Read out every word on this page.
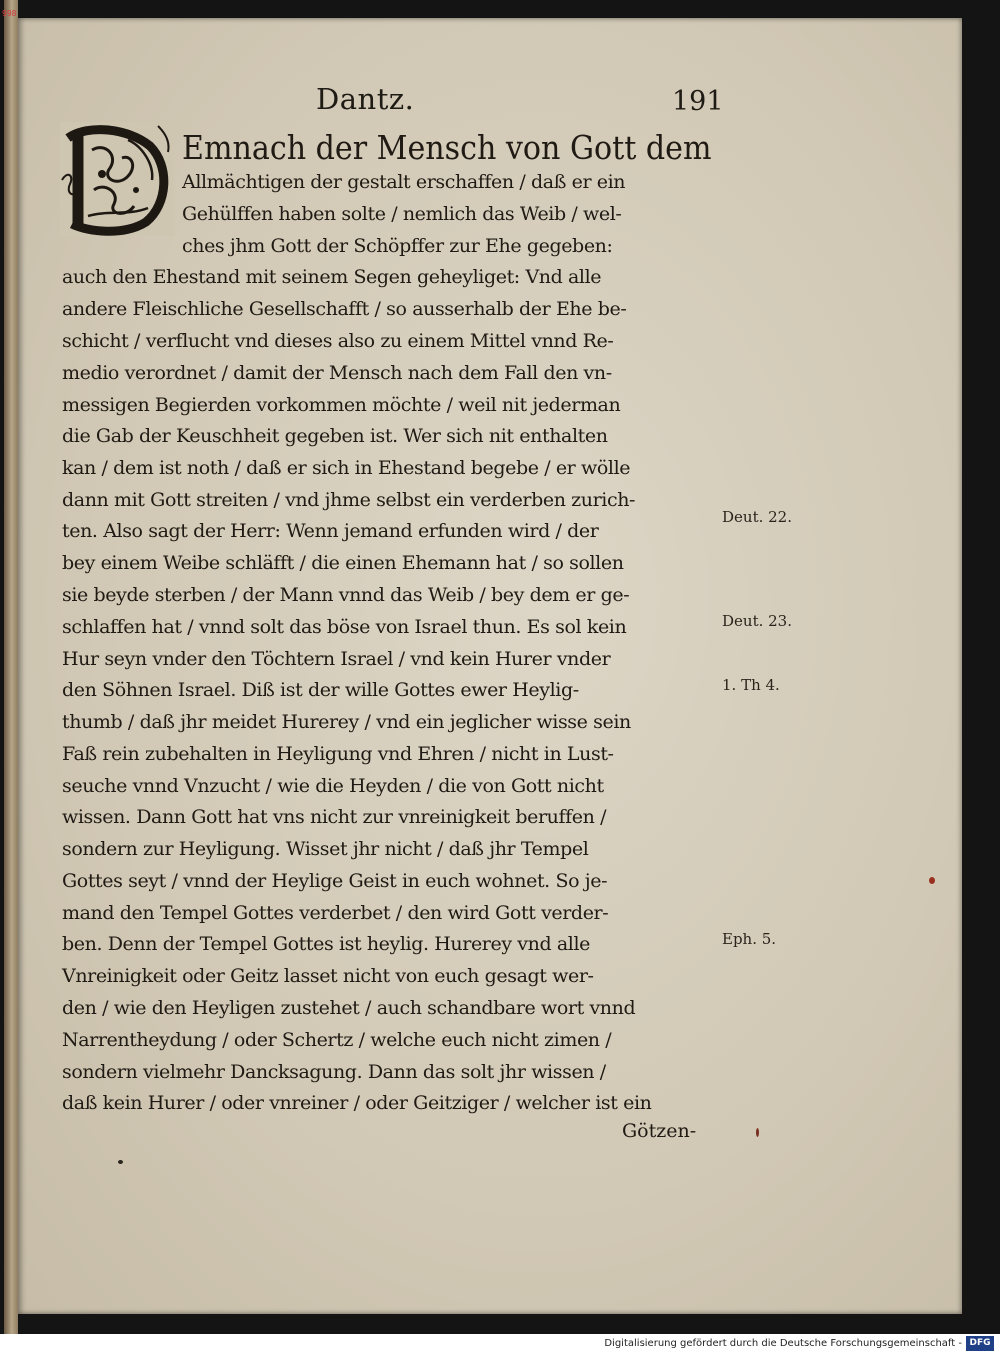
998
Dantz.	191
Emnach der Mensch von Gott dem
Allmächtigen der gestalt erschaffen / daß er ein
Gehülffen haben solte / nemlich das Weib / wel-
ches jhm Gott der Schöpffer zur Ehe gegeben:
auch den Ehestand mit seinem Segen geheyliget: Vnd alle
andere Fleischliche Gesellschafft / so ausserhalb der Ehe be-
schicht / verflucht vnd dieses also zu einem Mittel vnnd Re-
medio verordnet / damit der Mensch nach dem Fall den vn-
messigen Begierden vorkommen möchte / weil nit jederman
die Gab der Keuschheit gegeben ist. Wer sich nit enthalten
kan / dem ist noth / daß er sich in Ehestand begebe / er wölle
dann mit Gott streiten / vnd jhme selbst ein verderben zurich-
ten. Also sagt der Herr: Wenn jemand erfunden wird / der
bey einem Weibe schläfft / die einen Ehemann hat / so sollen
sie beyde sterben / der Mann vnnd das Weib / bey dem er ge-
schlaffen hat / vnnd solt das böse von Israel thun. Es sol kein
Hur seyn vnder den Töchtern Israel / vnd kein Hurer vnder
den Söhnen Israel. Diß ist der wille Gottes ewer Heylig-
thumb / daß jhr meidet Hurerey / vnd ein jeglicher wisse sein
Faß rein zubehalten in Heyligung vnd Ehren / nicht in Lust-
seuche vnnd Vnzucht / wie die Heyden / die von Gott nicht
wissen. Dann Gott hat vns nicht zur vnreinigkeit beruffen /
sondern zur Heyligung. Wisset jhr nicht / daß jhr Tempel
Gottes seyt / vnnd der Heylige Geist in euch wohnet. So je-
mand den Tempel Gottes verderbet / den wird Gott verder-
ben. Denn der Tempel Gottes ist heylig. Hurerey vnd alle
Vnreinigkeit oder Geitz lasset nicht von euch gesagt wer-
den / wie den Heyligen zustehet / auch schandbare wort vnnd
Narrentheydung / oder Schertz / welche euch nicht zimen /
sondern vielmehr Dancksagung. Dann das solt jhr wissen /
daß kein Hurer / oder vnreiner / oder Geitziger / welcher ist ein
Götzen-
Deut. 22.
Deut. 23.
1. Th 4.
Eph. 5.
Digitalisierung gefördert durch die Deutsche Forschungsgemeinschaft - DFG
